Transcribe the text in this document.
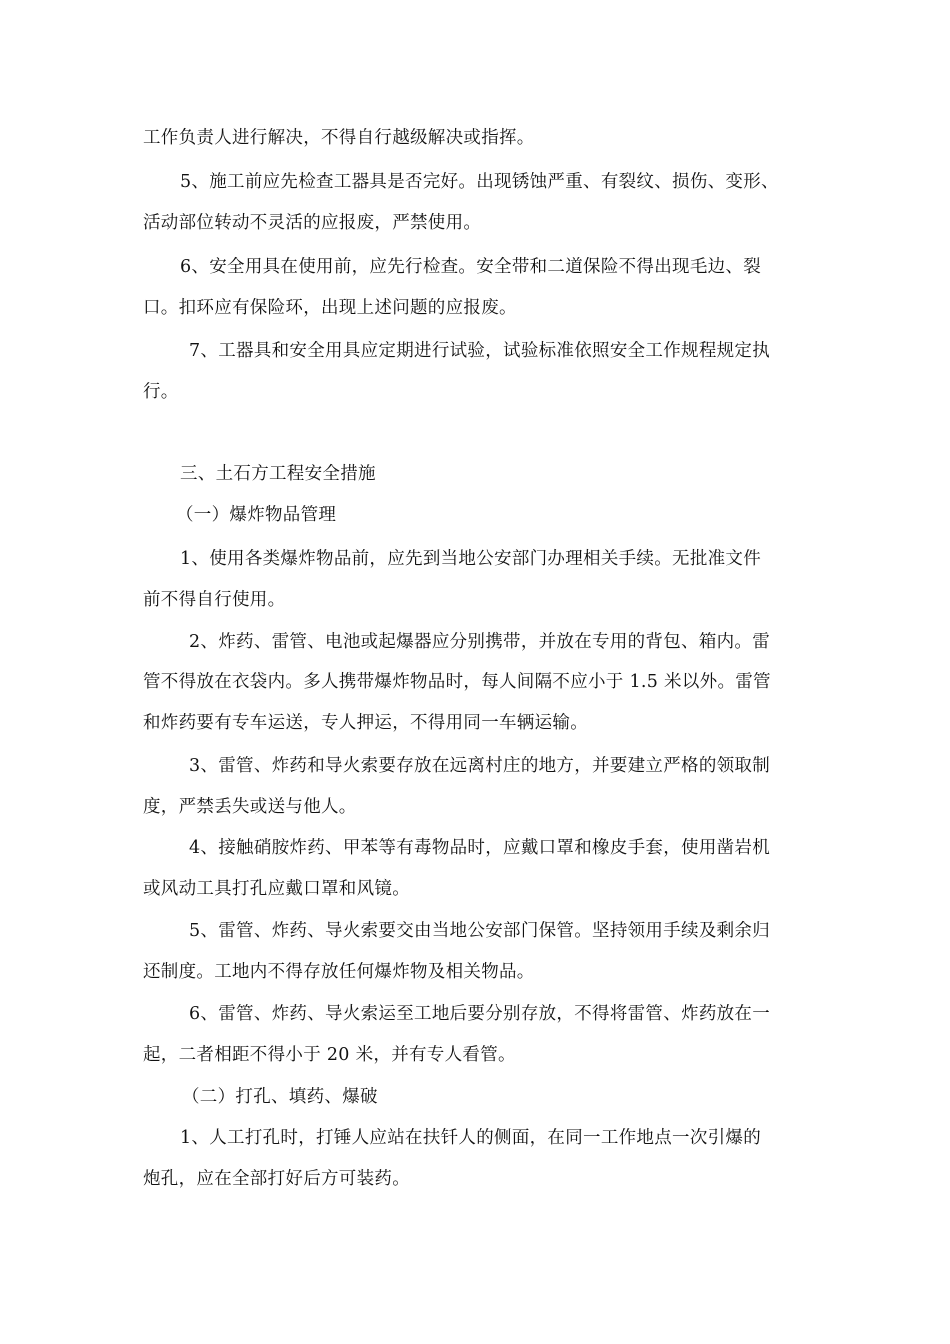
工作负责人进行解决，不得自行越级解决或指挥。
5、施工前应先检查工器具是否完好。出现锈蚀严重、有裂纹、损伤、变形、
活动部位转动不灵活的应报废，严禁使用。
6、安全用具在使用前，应先行检查。安全带和二道保险不得出现毛边、裂
口。扣环应有保险环，出现上述问题的应报废。
7、工器具和安全用具应定期进行试验，试验标准依照安全工作规程规定执
行。
三、土石方工程安全措施
（一）爆炸物品管理
1、使用各类爆炸物品前，应先到当地公安部门办理相关手续。无批准文件
前不得自行使用。
2、炸药、雷管、电池或起爆器应分别携带，并放在专用的背包、箱内。雷
管不得放在衣袋内。多人携带爆炸物品时，每人间隔不应小于 1.5 米以外。雷管
和炸药要有专车运送，专人押运，不得用同一车辆运输。
3、雷管、炸药和导火索要存放在远离村庄的地方，并要建立严格的领取制
度，严禁丢失或送与他人。
4、接触硝胺炸药、甲苯等有毒物品时，应戴口罩和橡皮手套，使用凿岩机
或风动工具打孔应戴口罩和风镜。
5、雷管、炸药、导火索要交由当地公安部门保管。坚持领用手续及剩余归
还制度。工地内不得存放任何爆炸物及相关物品。
6、雷管、炸药、导火索运至工地后要分别存放，不得将雷管、炸药放在一
起，二者相距不得小于 20 米，并有专人看管。
（二）打孔、填药、爆破
1、人工打孔时，打锤人应站在扶钎人的侧面，在同一工作地点一次引爆的
炮孔，应在全部打好后方可装药。
